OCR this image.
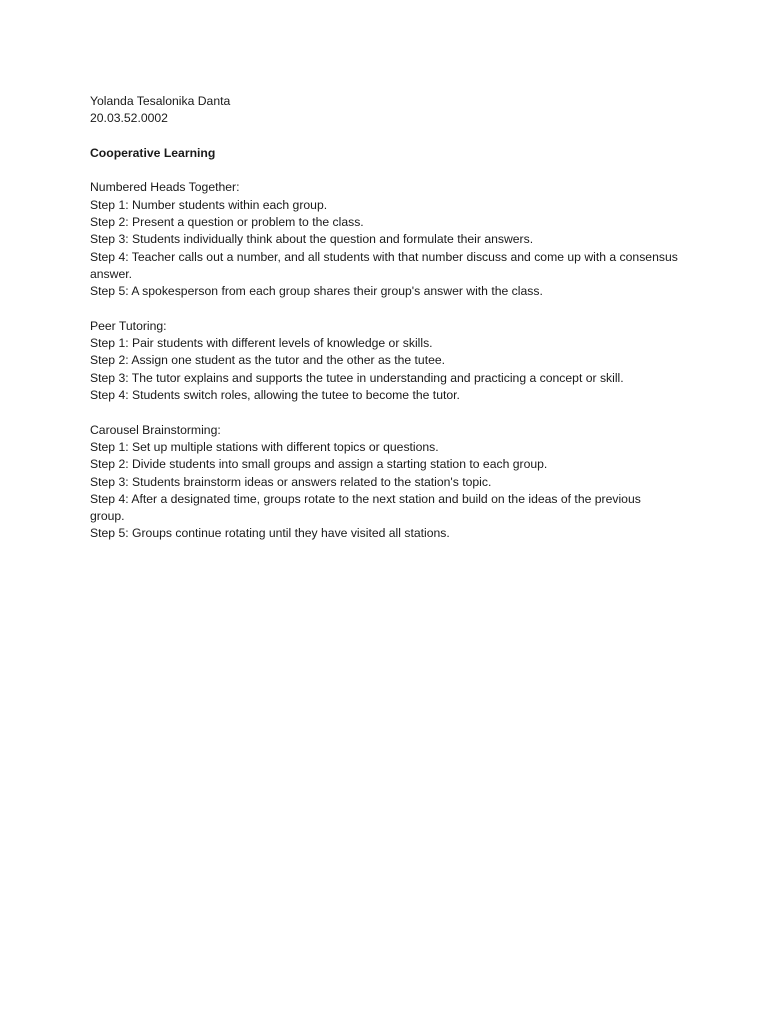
Yolanda Tesalonika Danta
20.03.52.0002
Cooperative Learning
Numbered Heads Together:
Step 1: Number students within each group.
Step 2: Present a question or problem to the class.
Step 3: Students individually think about the question and formulate their answers.
Step 4: Teacher calls out a number, and all students with that number discuss and come up with a consensus answer.
Step 5: A spokesperson from each group shares their group's answer with the class.
Peer Tutoring:
Step 1: Pair students with different levels of knowledge or skills.
Step 2: Assign one student as the tutor and the other as the tutee.
Step 3: The tutor explains and supports the tutee in understanding and practicing a concept or skill.
Step 4: Students switch roles, allowing the tutee to become the tutor.
Carousel Brainstorming:
Step 1: Set up multiple stations with different topics or questions.
Step 2: Divide students into small groups and assign a starting station to each group.
Step 3: Students brainstorm ideas or answers related to the station's topic.
Step 4: After a designated time, groups rotate to the next station and build on the ideas of the previous group.
Step 5: Groups continue rotating until they have visited all stations.
